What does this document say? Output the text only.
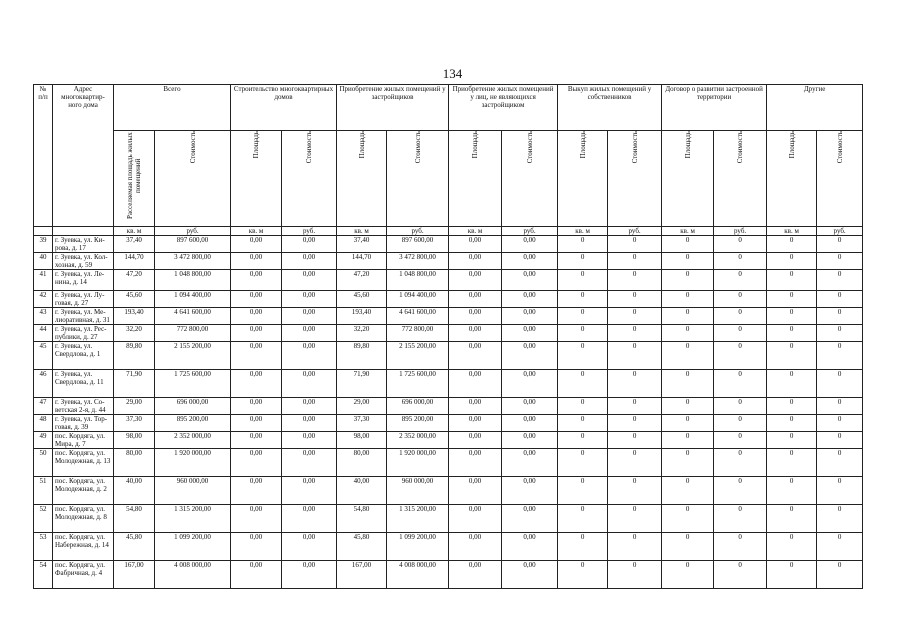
134
№ п/п	Адрес многоквартир-ного дома	Всего		Строительство многоквартирных домов		Приобретение жилых помещений у застройщиков		Приобретение жилых помещений у лиц, не являющихся застройщиком		Выкуп жилых помещений у собственников		Договор о развитии застроенной территории		Другие	
		Расселяемая площадь жилых помещений	Стоимость	Площадь	Стоимость	Площадь	Стоимость	Площадь	Стоимость	Площадь	Стоимость	Площадь	Стоимость	Площадь	Стоимость
		кв. м	руб.	кв. м	руб.	кв. м	руб.	кв. м	руб.	кв. м	руб.	кв. м	руб.	кв. м	руб.
39	г. Зуевка, ул. Ки-рова, д. 17	37,40	897 600,00	0,00	0,00	37,40	897 600,00	0,00	0,00	0	0	0	0	0	0
40	г. Зуевка, ул. Кол-хозная, д. 59	144,70	3 472 800,00	0,00	0,00	144,70	3 472 800,00	0,00	0,00	0	0	0	0	0	0
41	г. Зуевка, ул. Ле-нина, д. 14	47,20	1 048 800,00	0,00	0,00	47,20	1 048 800,00	0,00	0,00	0	0	0	0	0	0
42	г. Зуевка, ул. Лу-говая, д. 27	45,60	1 094 400,00	0,00	0,00	45,60	1 094 400,00	0,00	0,00	0	0	0	0	0	0
43	г. Зуевка, ул. Ме-лиоративная, д. 31	193,40	4 641 600,00	0,00	0,00	193,40	4 641 600,00	0,00	0,00	0	0	0	0	0	0
44	г. Зуевка, ул. Рес-публики, д. 27	32,20	772 800,00	0,00	0,00	32,20	772 800,00	0,00	0,00	0	0	0	0	0	0
45	г. Зуевка, ул. Свердлова, д. 1	89,80	2 155 200,00	0,00	0,00	89,80	2 155 200,00	0,00	0,00	0	0	0	0	0	0
46	г. Зуевка, ул. Свердлова, д. 11	71,90	1 725 600,00	0,00	0,00	71,90	1 725 600,00	0,00	0,00	0	0	0	0	0	0
47	г. Зуевка, ул. Со-ветская 2-я, д. 44	29,00	696 000,00	0,00	0,00	29,00	696 000,00	0,00	0,00	0	0	0	0	0	0
48	г. Зуевка, ул. Тор-говая, д. 39	37,30	895 200,00	0,00	0,00	37,30	895 200,00	0,00	0,00	0	0	0	0	0	0
49	пос. Кордяга, ул. Мира, д. 7	98,00	2 352 000,00	0,00	0,00	98,00	2 352 000,00	0,00	0,00	0	0	0	0	0	0
50	пос. Кордяга, ул. Молодежная, д. 13	80,00	1 920 000,00	0,00	0,00	80,00	1 920 000,00	0,00	0,00	0	0	0	0	0	0
51	пос. Кордяга, ул. Молодежная, д. 2	40,00	960 000,00	0,00	0,00	40,00	960 000,00	0,00	0,00	0	0	0	0	0	0
52	пос. Кордяга, ул. Молодежная, д. 8	54,80	1 315 200,00	0,00	0,00	54,80	1 315 200,00	0,00	0,00	0	0	0	0	0	0
53	пос. Кордяга, ул. Набережная, д. 14	45,80	1 099 200,00	0,00	0,00	45,80	1 099 200,00	0,00	0,00	0	0	0	0	0	0
54	пос. Кордяга, ул. Фабричная, д. 4	167,00	4 008 000,00	0,00	0,00	167,00	4 008 000,00	0,00	0,00	0	0	0	0	0	0
